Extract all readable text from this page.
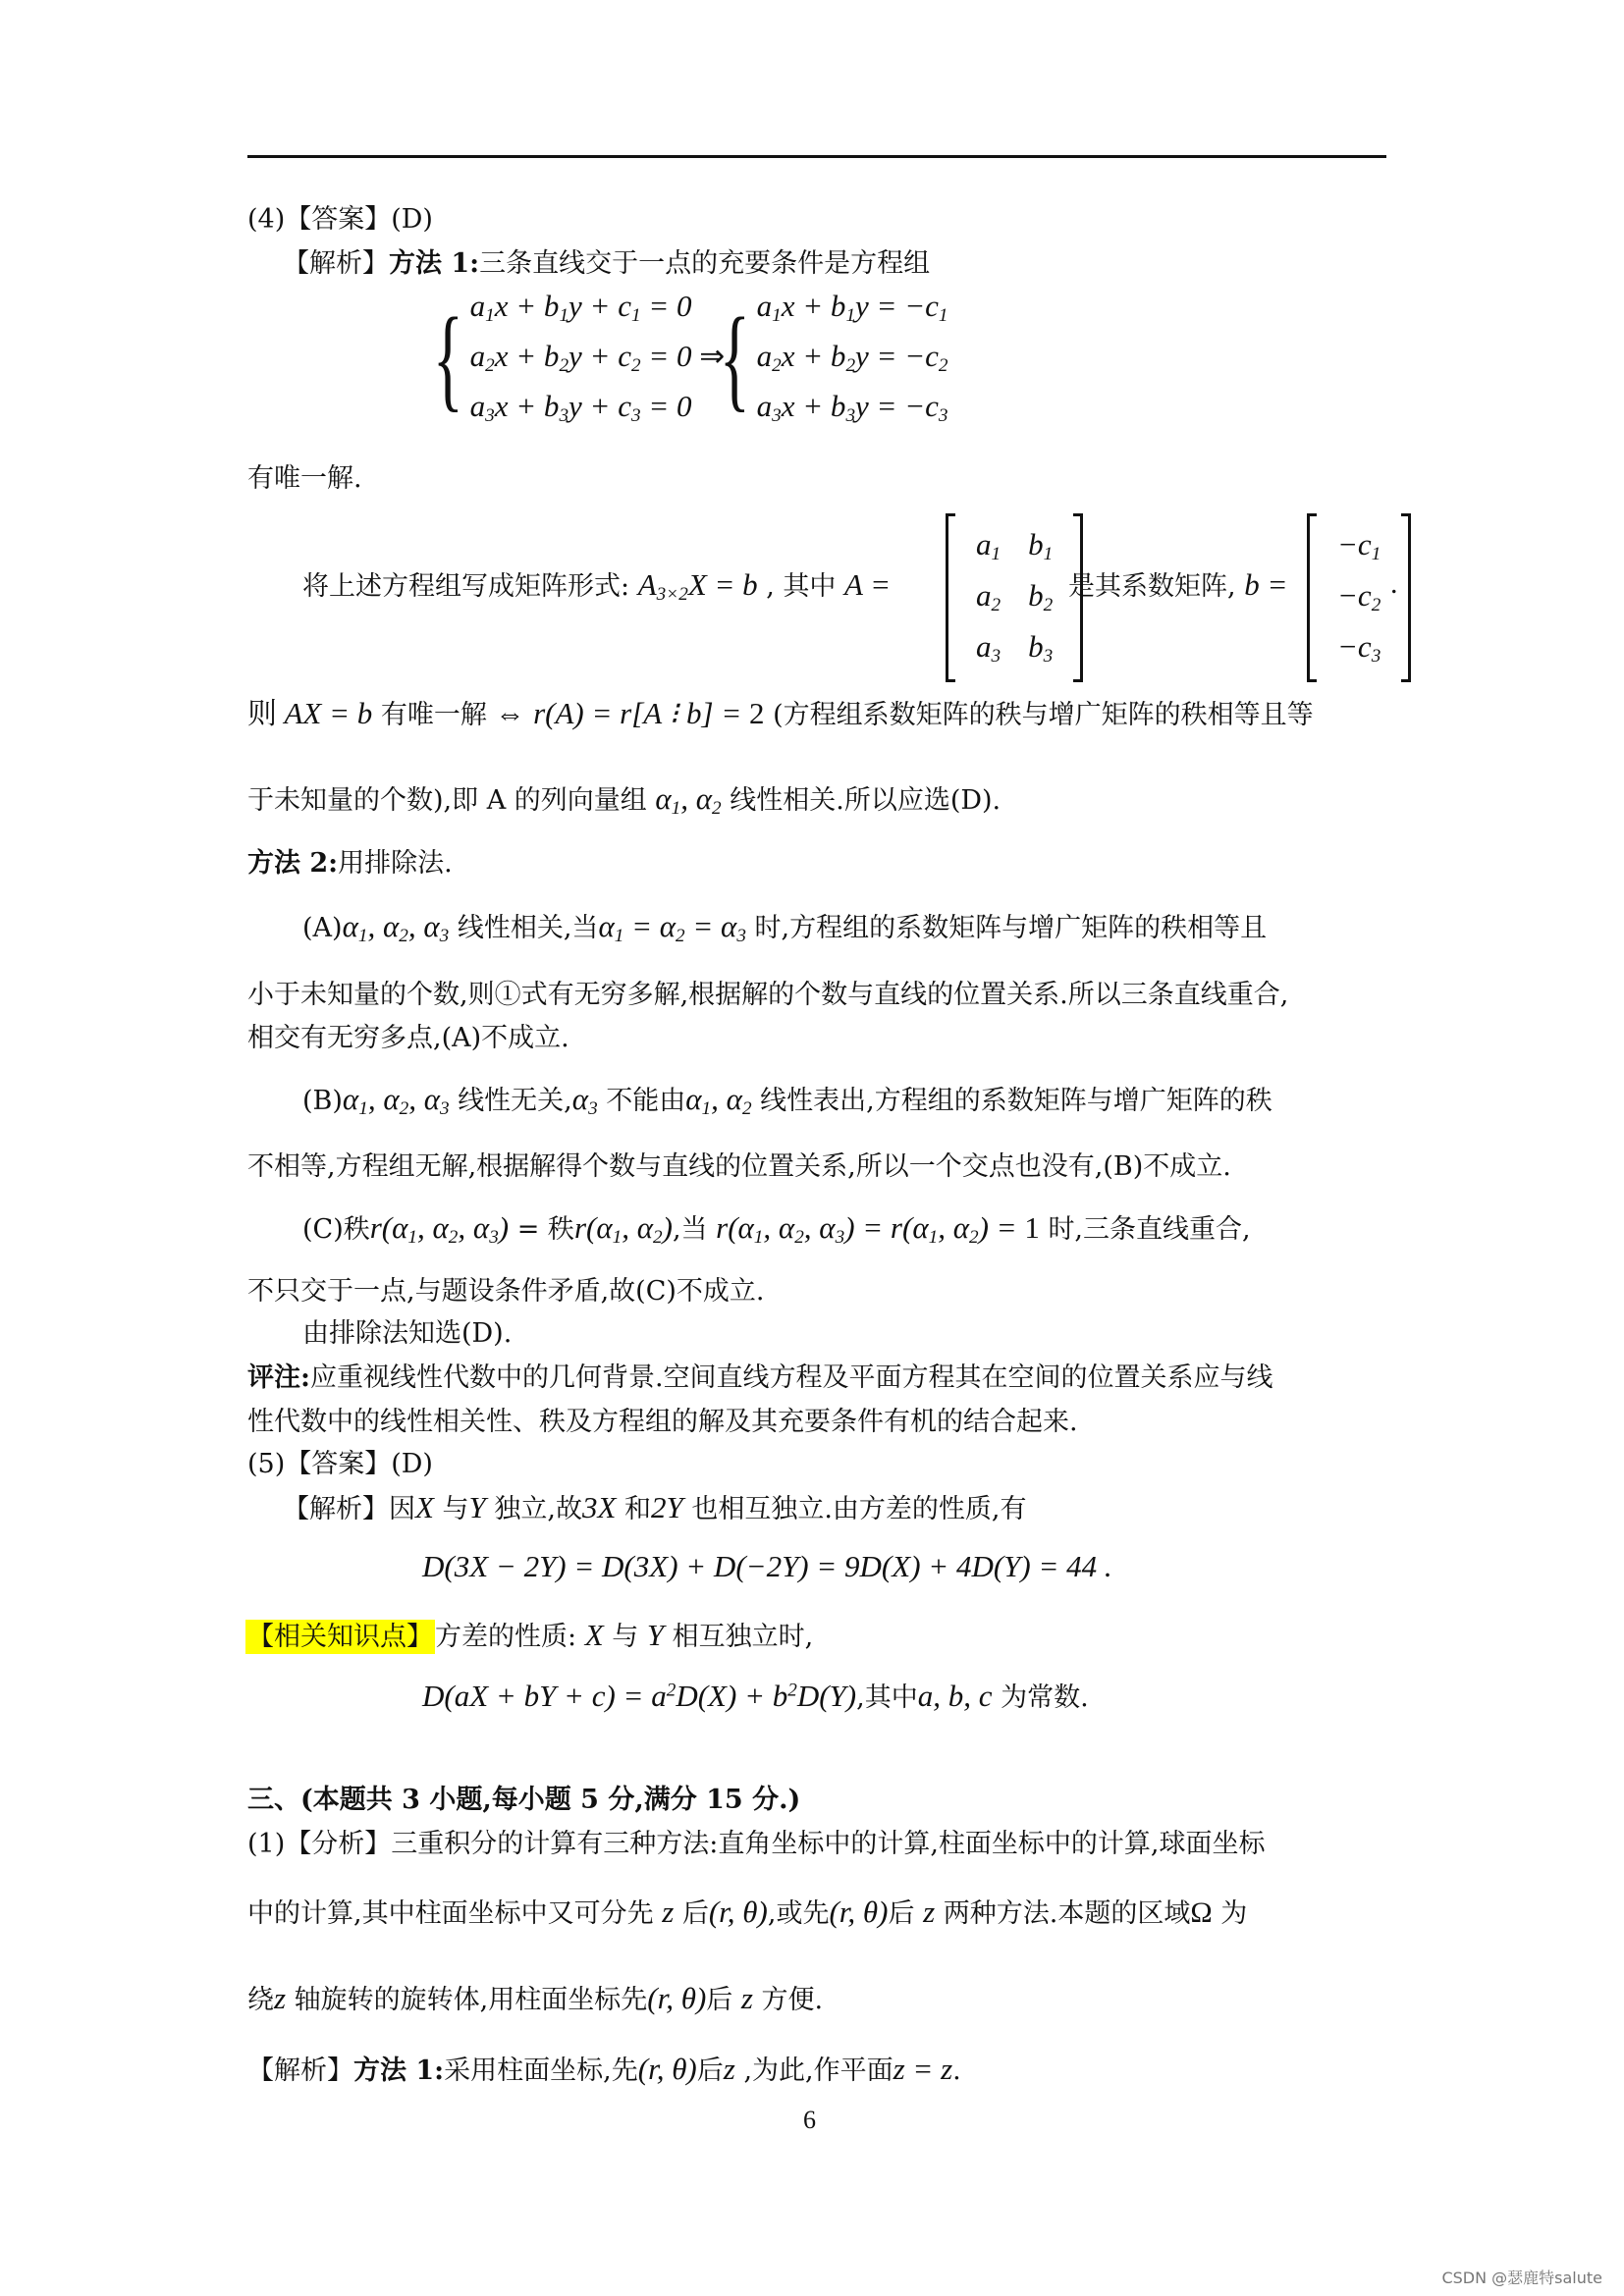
(4)【答案】(D)
【解析】方法 1:三条直线交于一点的充要条件是方程组
{ $a_1x + b_1y + c_1 = 0$
$a_2x + b_2y + c_2 = 0$ ⇒
$a_3x + b_3y + c_3 = 0$ { $a_1x + b_1y = -c_1$
$a_2x + b_2y = -c_2$
$a_3x + b_3y = -c_3$
有唯一解.
将上述方程组写成矩阵形式: $A_{3\times 2}X = b$ , 其中 A =
$a_1$	$b_1$
$a_2$	$b_2$
$a_3$	$b_3$
是其系数矩阵, b =
$-c_1$
$-c_2$
$-c_3$
.
则 AX = b 有唯一解 ⇔ r(A) = r[A ⁝ b] = 2 (方程组系数矩阵的秩与增广矩阵的秩相等且等
于未知量的个数),即 A 的列向量组 $\alpha_1$, $\alpha_2$ 线性相关.所以应选(D).
方法 2:用排除法.
$(A)\alpha_1$, $\alpha_2$, $\alpha_3$ 线性相关,当$\alpha_1 = \alpha_2 = \alpha_3$ 时,方程组的系数矩阵与增广矩阵的秩相等且
小于未知量的个数,则①式有无穷多解,根据解的个数与直线的位置关系.所以三条直线重合,
相交有无穷多点,(A)不成立.
$(B)\alpha_1$, $\alpha_2$, $\alpha_3$ 线性无关$,\alpha_3$ 不能由$\alpha_1$, $\alpha_2$ 线性表出,方程组的系数矩阵与增广矩阵的秩
不相等,方程组无解,根据解得个数与直线的位置关系,所以一个交点也没有,(B)不成立.
(C)秩$r(\alpha_1$, $\alpha_2$, $\alpha_3$) = 秩$r(\alpha_1$, $\alpha_2$),当 $r(\alpha_1$, $\alpha_2$, $\alpha_3) = r(\alpha_1$, $\alpha_2) = 1$ 时,三条直线重合,
不只交于一点,与题设条件矛盾,故(C)不成立.
由排除法知选(D).
评注:应重视线性代数中的几何背景.空间直线方程及平面方程其在空间的位置关系应与线
性代数中的线性相关性、秩及方程组的解及其充要条件有机的结合起来.
(5)【答案】(D)
【解析】因X 与Y 独立,故3X 和2Y 也相互独立.由方差的性质,有
D(3X − 2Y) = D(3X) + D(−2Y) = 9D(X) + 4D(Y) = 44 .
【相关知识点】方差的性质: X 与 Y 相互独立时,
D(aX + bY + $c) = a^2D(X) + b^2D(Y)$,其中a, b, c 为常数.
三、(本题共 3 小题,每小题 5 分,满分 15 分.)
(1)【分析】三重积分的计算有三种方法:直角坐标中的计算,柱面坐标中的计算,球面坐标
中的计算,其中柱面坐标中又可分先 z 后(r, θ),或先(r, θ)后 z 两种方法.本题的区域Ω 为
绕z 轴旋转的旋转体,用柱面坐标先(r, θ)后 z 方便.
【解析】方法 1:采用柱面坐标,先(r, θ)后z ,为此,作平面z = z.
6
CSDN @瑟鹿特salute
